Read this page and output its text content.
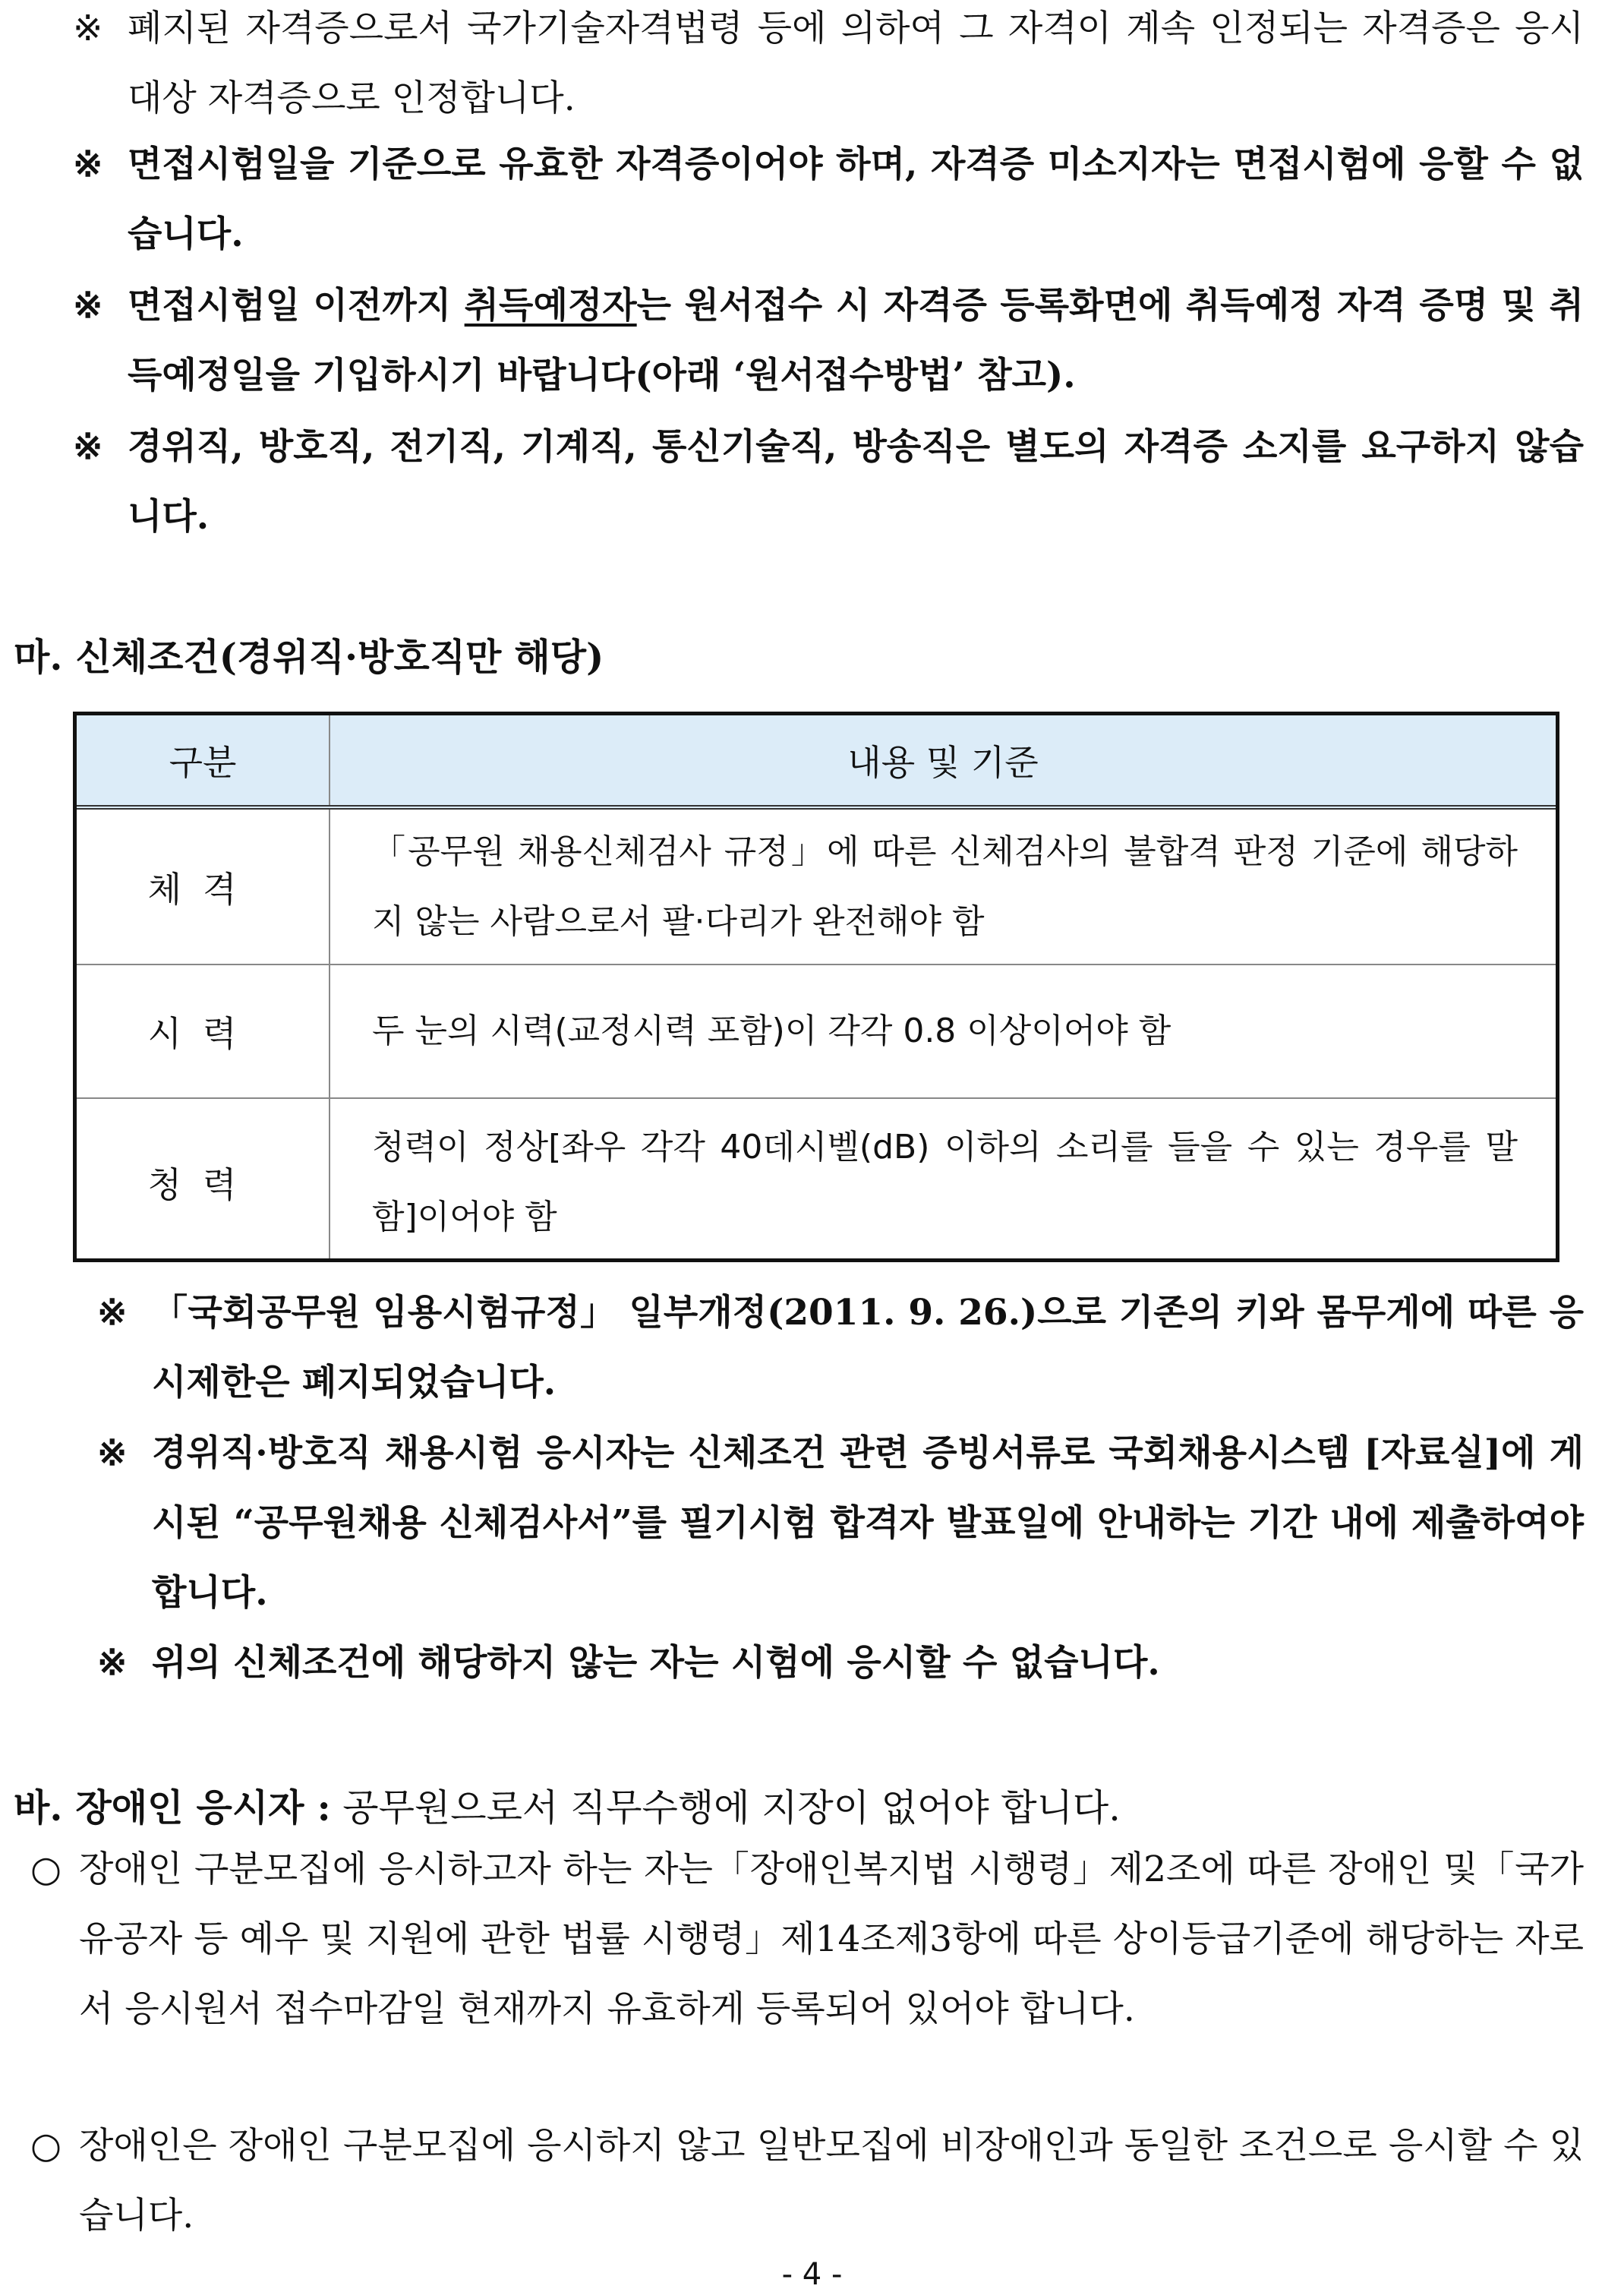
※ 폐지된 자격증으로서 국가기술자격법령 등에 의하여 그 자격이 계속 인정되는 자격증은 응시대상 자격증으로 인정합니다.
※ 면접시험일을 기준으로 유효한 자격증이어야 하며, 자격증 미소지자는 면접시험에 응할 수 없습니다.
※ 면접시험일 이전까지 취득예정자는 원서접수 시 자격증 등록화면에 취득예정 자격 증명 및 취득예정일을 기입하시기 바랍니다(아래 ‘원서접수방법’ 참고).
※ 경위직, 방호직, 전기직, 기계직, 통신기술직, 방송직은 별도의 자격증 소지를 요구하지 않습니다.
마. 신체조건(경위직·방호직만 해당)
구분	내용 및 기준
체격
「공무원 채용신체검사 규정」에 따른 신체검사의 불합격 판정 기준에 해당하지 않는 사람으로서 팔·다리가 완전해야 함
시력	두 눈의 시력(교정시력 포함)이 각각 0.8 이상이어야 함
청력
청력이 정상[좌우 각각 40데시벨(dB) 이하의 소리를 들을 수 있는 경우를 말함]이어야 함
※ 「국회공무원 임용시험규정」 일부개정(2011. 9. 26.)으로 기존의 키와 몸무게에 따른 응시제한은 폐지되었습니다.
※ 경위직·방호직 채용시험 응시자는 신체조건 관련 증빙서류로 국회채용시스템 [자료실]에 게시된 “공무원채용 신체검사서”를 필기시험 합격자 발표일에 안내하는 기간 내에 제출하여야 합니다.
※ 위의 신체조건에 해당하지 않는 자는 시험에 응시할 수 없습니다.
바. 장애인 응시자 : 공무원으로서 직무수행에 지장이 없어야 합니다.
○ 장애인 구분모집에 응시하고자 하는 자는「장애인복지법 시행령」제2조에 따른 장애인 및「국가유공자 등 예우 및 지원에 관한 법률 시행령」제14조제3항에 따른 상이등급기준에 해당하는 자로서 응시원서 접수마감일 현재까지 유효하게 등록되어 있어야 합니다.
○ 장애인은 장애인 구분모집에 응시하지 않고 일반모집에 비장애인과 동일한 조건으로 응시할 수 있습니다.
- 4 -
